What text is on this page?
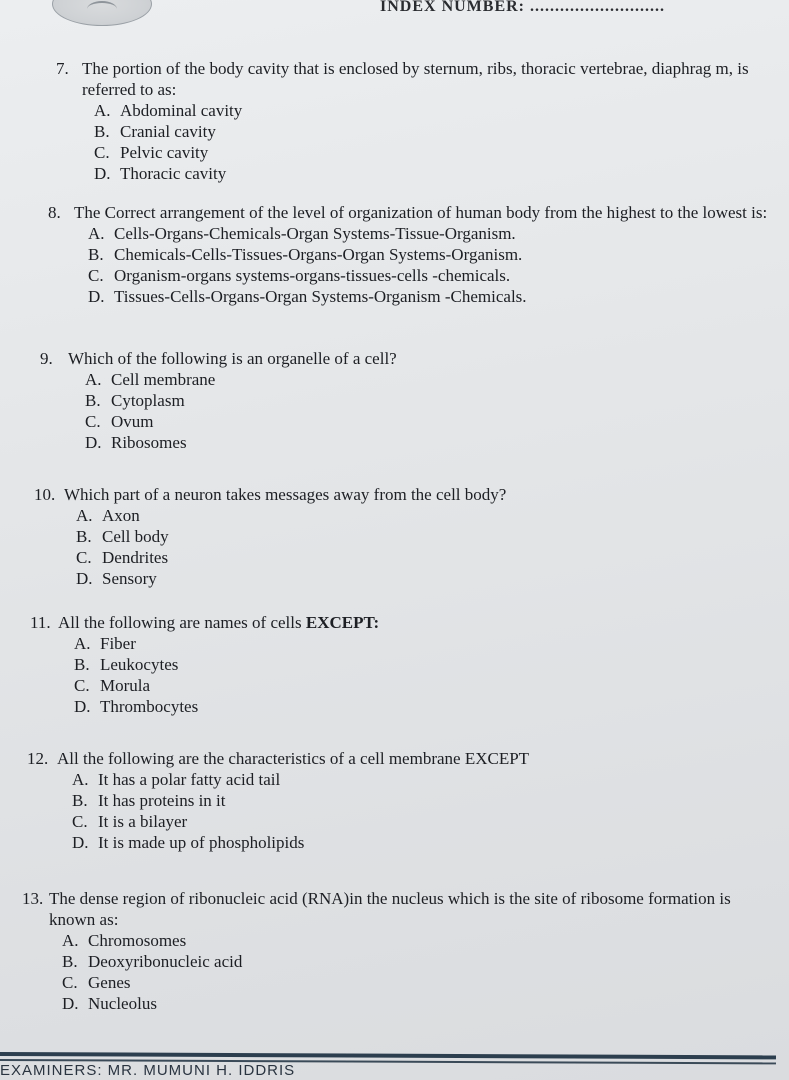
INDEX NUMBER: ...........................
7. The portion of the body cavity that is enclosed by sternum, ribs, thoracic vertebrae, diaphrag m, is referred to as:
A. Abdominal cavity
B. Cranial cavity
C. Pelvic cavity
D. Thoracic cavity
8. The Correct arrangement of the level of organization of human body from the highest to the lowest is:
A. Cells-Organs-Chemicals-Organ Systems-Tissue-Organism.
B. Chemicals-Cells-Tissues-Organs-Organ Systems-Organism.
C. Organism-organs systems-organs-tissues-cells -chemicals.
D. Tissues-Cells-Organs-Organ Systems-Organism -Chemicals.
9. Which of the following is an organelle of a cell?
A. Cell membrane
B. Cytoplasm
C. Ovum
D. Ribosomes
10. Which part of a neuron takes messages away from the cell body?
A. Axon
B. Cell body
C. Dendrites
D. Sensory
11. All the following are names of cells EXCEPT:
A. Fiber
B. Leukocytes
C. Morula
D. Thrombocytes
12. All the following are the characteristics of a cell membrane EXCEPT
A. It has a polar fatty acid tail
B. It has proteins in it
C. It is a bilayer
D. It is made up of phospholipids
13. The dense region of ribonucleic acid (RNA)in the nucleus which is the site of ribosome formation is known as:
A. Chromosomes
B. Deoxyribonucleic acid
C. Genes
D. Nucleolus
EXAMINERS: MR. MUMUNI H. IDDRIS
